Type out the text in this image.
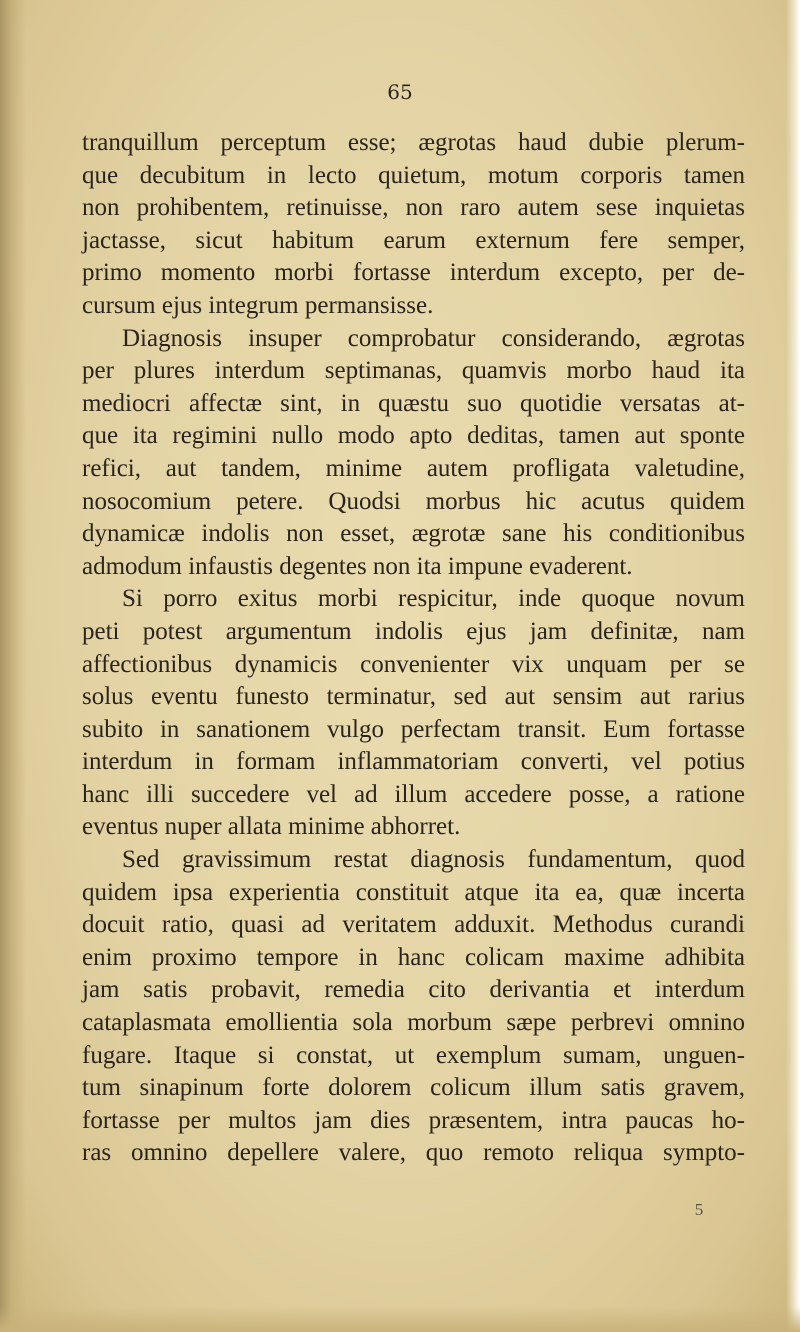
65
tranquillum perceptum esse; ægrotas haud dubie plerum-
que decubitum in lecto quietum, motum corporis tamen
non prohibentem, retinuisse, non raro autem sese inquietas
jactasse, sicut habitum earum externum fere semper,
primo momento morbi fortasse interdum excepto, per de-
cursum ejus integrum permansisse.
Diagnosis insuper comprobatur considerando, ægrotas
per plures interdum septimanas, quamvis morbo haud ita
mediocri affectæ sint, in quæstu suo quotidie versatas at-
que ita regimini nullo modo apto deditas, tamen aut sponte
refici, aut tandem, minime autem profligata valetudine,
nosocomium petere. Quodsi morbus hic acutus quidem
dynamicæ indolis non esset, ægrotæ sane his conditionibus
admodum infaustis degentes non ita impune evaderent.
Si porro exitus morbi respicitur, inde quoque novum
peti potest argumentum indolis ejus jam definitæ, nam
affectionibus dynamicis convenienter vix unquam per se
solus eventu funesto terminatur, sed aut sensim aut rarius
subito in sanationem vulgo perfectam transit. Eum fortasse
interdum in formam inflammatoriam converti, vel potius
hanc illi succedere vel ad illum accedere posse, a ratione
eventus nuper allata minime abhorret.
Sed gravissimum restat diagnosis fundamentum, quod
quidem ipsa experientia constituit atque ita ea, quæ incerta
docuit ratio, quasi ad veritatem adduxit. Methodus curandi
enim proximo tempore in hanc colicam maxime adhibita
jam satis probavit, remedia cito derivantia et interdum
cataplasmata emollientia sola morbum sæpe perbrevi omnino
fugare. Itaque si constat, ut exemplum sumam, unguen-
tum sinapinum forte dolorem colicum illum satis gravem,
fortasse per multos jam dies præsentem, intra paucas ho-
ras omnino depellere valere, quo remoto reliqua sympto-
5
